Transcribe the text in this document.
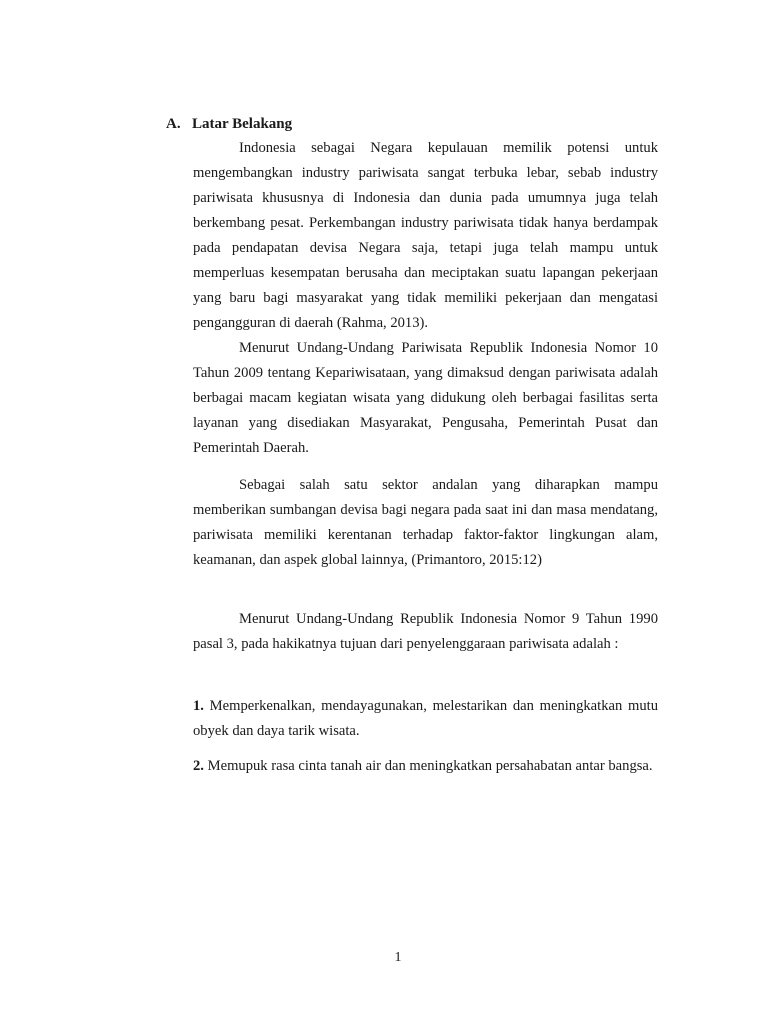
A. Latar Belakang

Indonesia sebagai Negara kepulauan memilik potensi untuk mengembangkan industry pariwisata sangat terbuka lebar, sebab industry pariwisata khususnya di Indonesia dan dunia pada umumnya juga telah berkembang pesat. Perkembangan industry pariwisata tidak hanya berdampak pada pendapatan devisa Negara saja, tetapi juga telah mampu untuk memperluas kesempatan berusaha dan meciptakan suatu lapangan pekerjaan yang baru bagi masyarakat yang tidak memiliki pekerjaan dan mengatasi pengangguran di daerah (Rahma, 2013).

Menurut Undang-Undang Pariwisata Republik Indonesia Nomor 10 Tahun 2009 tentang Kepariwisataan, yang dimaksud dengan pariwisata adalah berbagai macam kegiatan wisata yang didukung oleh berbagai fasilitas serta layanan yang disediakan Masyarakat, Pengusaha, Pemerintah Pusat dan Pemerintah Daerah.

Sebagai salah satu sektor andalan yang diharapkan mampu memberikan sumbangan devisa bagi negara pada saat ini dan masa mendatang, pariwisata memiliki kerentanan terhadap faktor-faktor lingkungan alam, keamanan, dan aspek global lainnya, (Primantoro, 2015:12)

Menurut Undang-Undang Republik Indonesia Nomor 9 Tahun 1990 pasal 3, pada hakikatnya tujuan dari penyelenggaraan pariwisata adalah :

1. Memperkenalkan, mendayagunakan, melestarikan dan meningkatkan mutu obyek dan daya tarik wisata.

2. Memupuk rasa cinta tanah air dan meningkatkan persahabatan antar bangsa.

1
